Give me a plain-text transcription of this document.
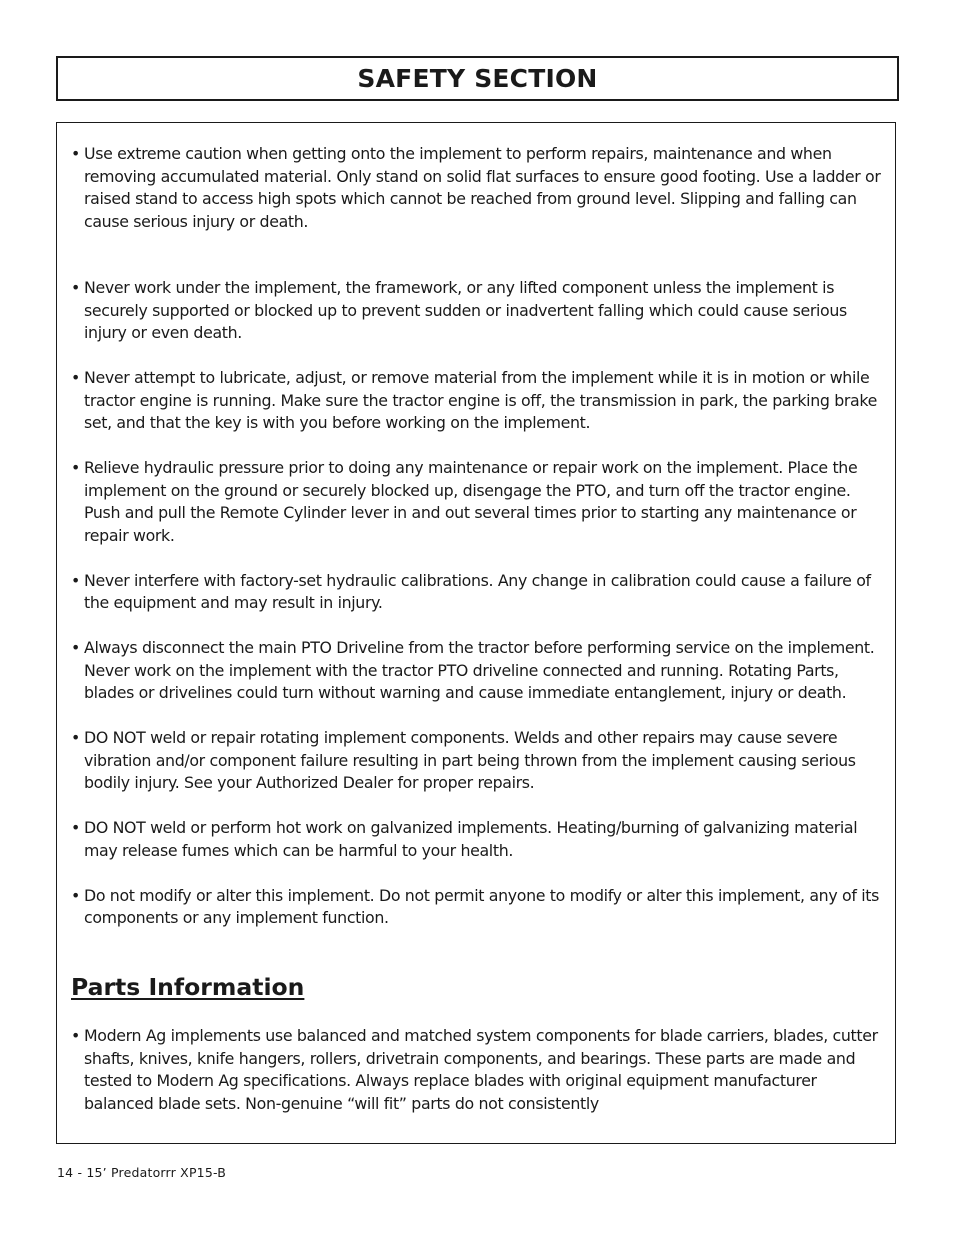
SAFETY SECTION
• Use extreme caution when getting onto the implement to perform repairs, maintenance and when removing accumulated material. Only stand on solid flat surfaces to ensure good footing. Use a ladder or raised stand to access high spots which cannot be reached from ground level. Slipping and falling can cause serious injury or death.
• Never work under the implement, the framework, or any lifted component unless the implement is securely supported or blocked up to prevent sudden or inadvertent falling which could cause serious injury or even death.
• Never attempt to lubricate, adjust, or remove material from the implement while it is in motion or while tractor engine is running. Make sure the tractor engine is off, the transmission in park, the parking brake set, and that the key is with you before working on the implement.
• Relieve hydraulic pressure prior to doing any maintenance or repair work on the implement. Place the implement on the ground or securely blocked up, disengage the PTO, and turn off the tractor engine. Push and pull the Remote Cylinder lever in and out several times prior to starting any maintenance or repair work.
• Never interfere with factory-set hydraulic calibrations. Any change in calibration could cause a failure of the equipment and may result in injury.
• Always disconnect the main PTO Driveline from the tractor before performing service on the implement. Never work on the implement with the tractor PTO driveline connected and running. Rotating Parts, blades or drivelines could turn without warning and cause immediate entanglement, injury or death.
• DO NOT weld or repair rotating implement components. Welds and other repairs may cause severe vibration and/or component failure resulting in part being thrown from the implement causing serious bodily injury. See your Authorized Dealer for proper repairs.
• DO NOT weld or perform hot work on galvanized implements. Heating/burning of galvanizing material may release fumes which can be harmful to your health.
• Do not modify or alter this implement. Do not permit anyone to modify or alter this implement, any of its components or any implement function.
Parts Information
• Modern Ag implements use balanced and matched system components for blade carriers, blades, cutter shafts, knives, knife hangers, rollers, drivetrain components, and bearings. These parts are made and tested to Modern Ag specifications. Always replace blades with original equipment manufacturer balanced blade sets. Non-genuine “will fit” parts do not consistently
14 - 15’ Predatorrr XP15-B
